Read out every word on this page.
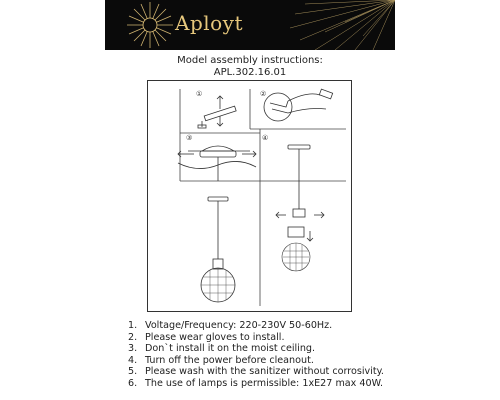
Aployt
Model assembly instructions:
APL.302.16.01
①	②
③	④
1. Voltage/Frequency: 220-230V 50-60Hz.
2. Please wear gloves to install.
3. Don`t install it on the moist ceiling.
4. Turn off the power before cleanout.
5. Please wash with the sanitizer without corrosivity.
6. The use of lamps is permissible: 1xE27 max 40W.
